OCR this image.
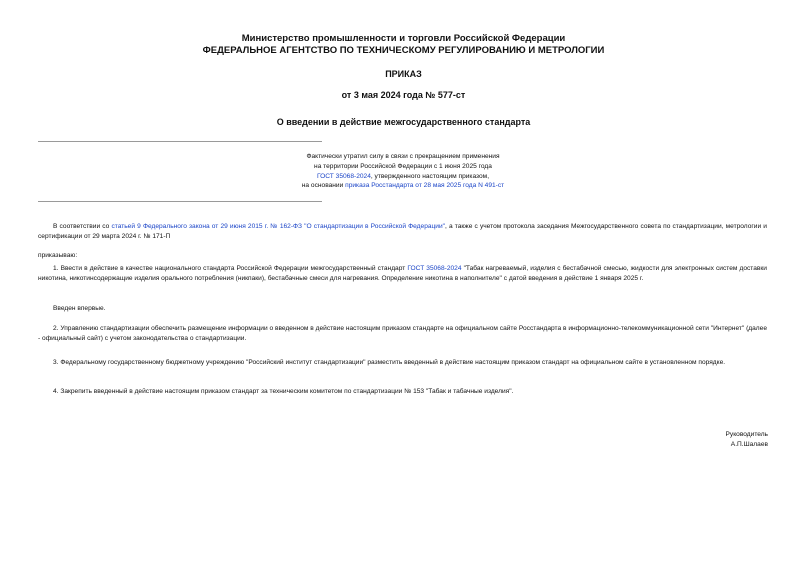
Министерство промышленности и торговли Российской Федерации
ФЕДЕРАЛЬНОЕ АГЕНТСТВО ПО ТЕХНИЧЕСКОМУ РЕГУЛИРОВАНИЮ И МЕТРОЛОГИИ
ПРИКАЗ
от 3 мая 2024 года № 577-ст
О введении в действие межгосударственного стандарта
Фактически утратил силу в связи с прекращением применения
на территории Российской Федерации с 1 июня 2025 года
ГОСТ 35068-2024, утвержденного настоящим приказом,
на основании приказа Росстандарта от 28 мая 2025 года N 491-ст
В соответствии со статьей 9 Федерального закона от 29 июня 2015 г. № 162-ФЗ "О стандартизации в Российской Федерации", а также с учетом протокола заседания Межгосударственного совета по стандартизации, метрологии и сертификации от 29 марта 2024 г. № 171-П
приказываю:
1. Ввести в действие в качестве национального стандарта Российской Федерации межгосударственный стандарт ГОСТ 35068-2024 "Табак нагреваемый, изделия с бестабачной смесью, жидкости для электронных систем доставки никотина, никотинсодержащие изделия орального потребления (никпаки), бестабачные смеси для нагревания. Определение никотина в наполнителе" с датой введения в действие 1 января 2025 г.
Введен впервые.
2. Управлению стандартизации обеспечить размещение информации о введенном в действие настоящим приказом стандарте на официальном сайте Росстандарта в информационно-телекоммуникационной сети "Интернет" (далее - официальный сайт) с учетом законодательства о стандартизации.
3. Федеральному государственному бюджетному учреждению "Российский институт стандартизации" разместить введенный в действие настоящим приказом стандарт на официальном сайте в установленном порядке.
4. Закрепить введенный в действие настоящим приказом стандарт за техническим комитетом по стандартизации № 153 "Табак и табачные изделия".
Руководитель
А.П.Шалаев
